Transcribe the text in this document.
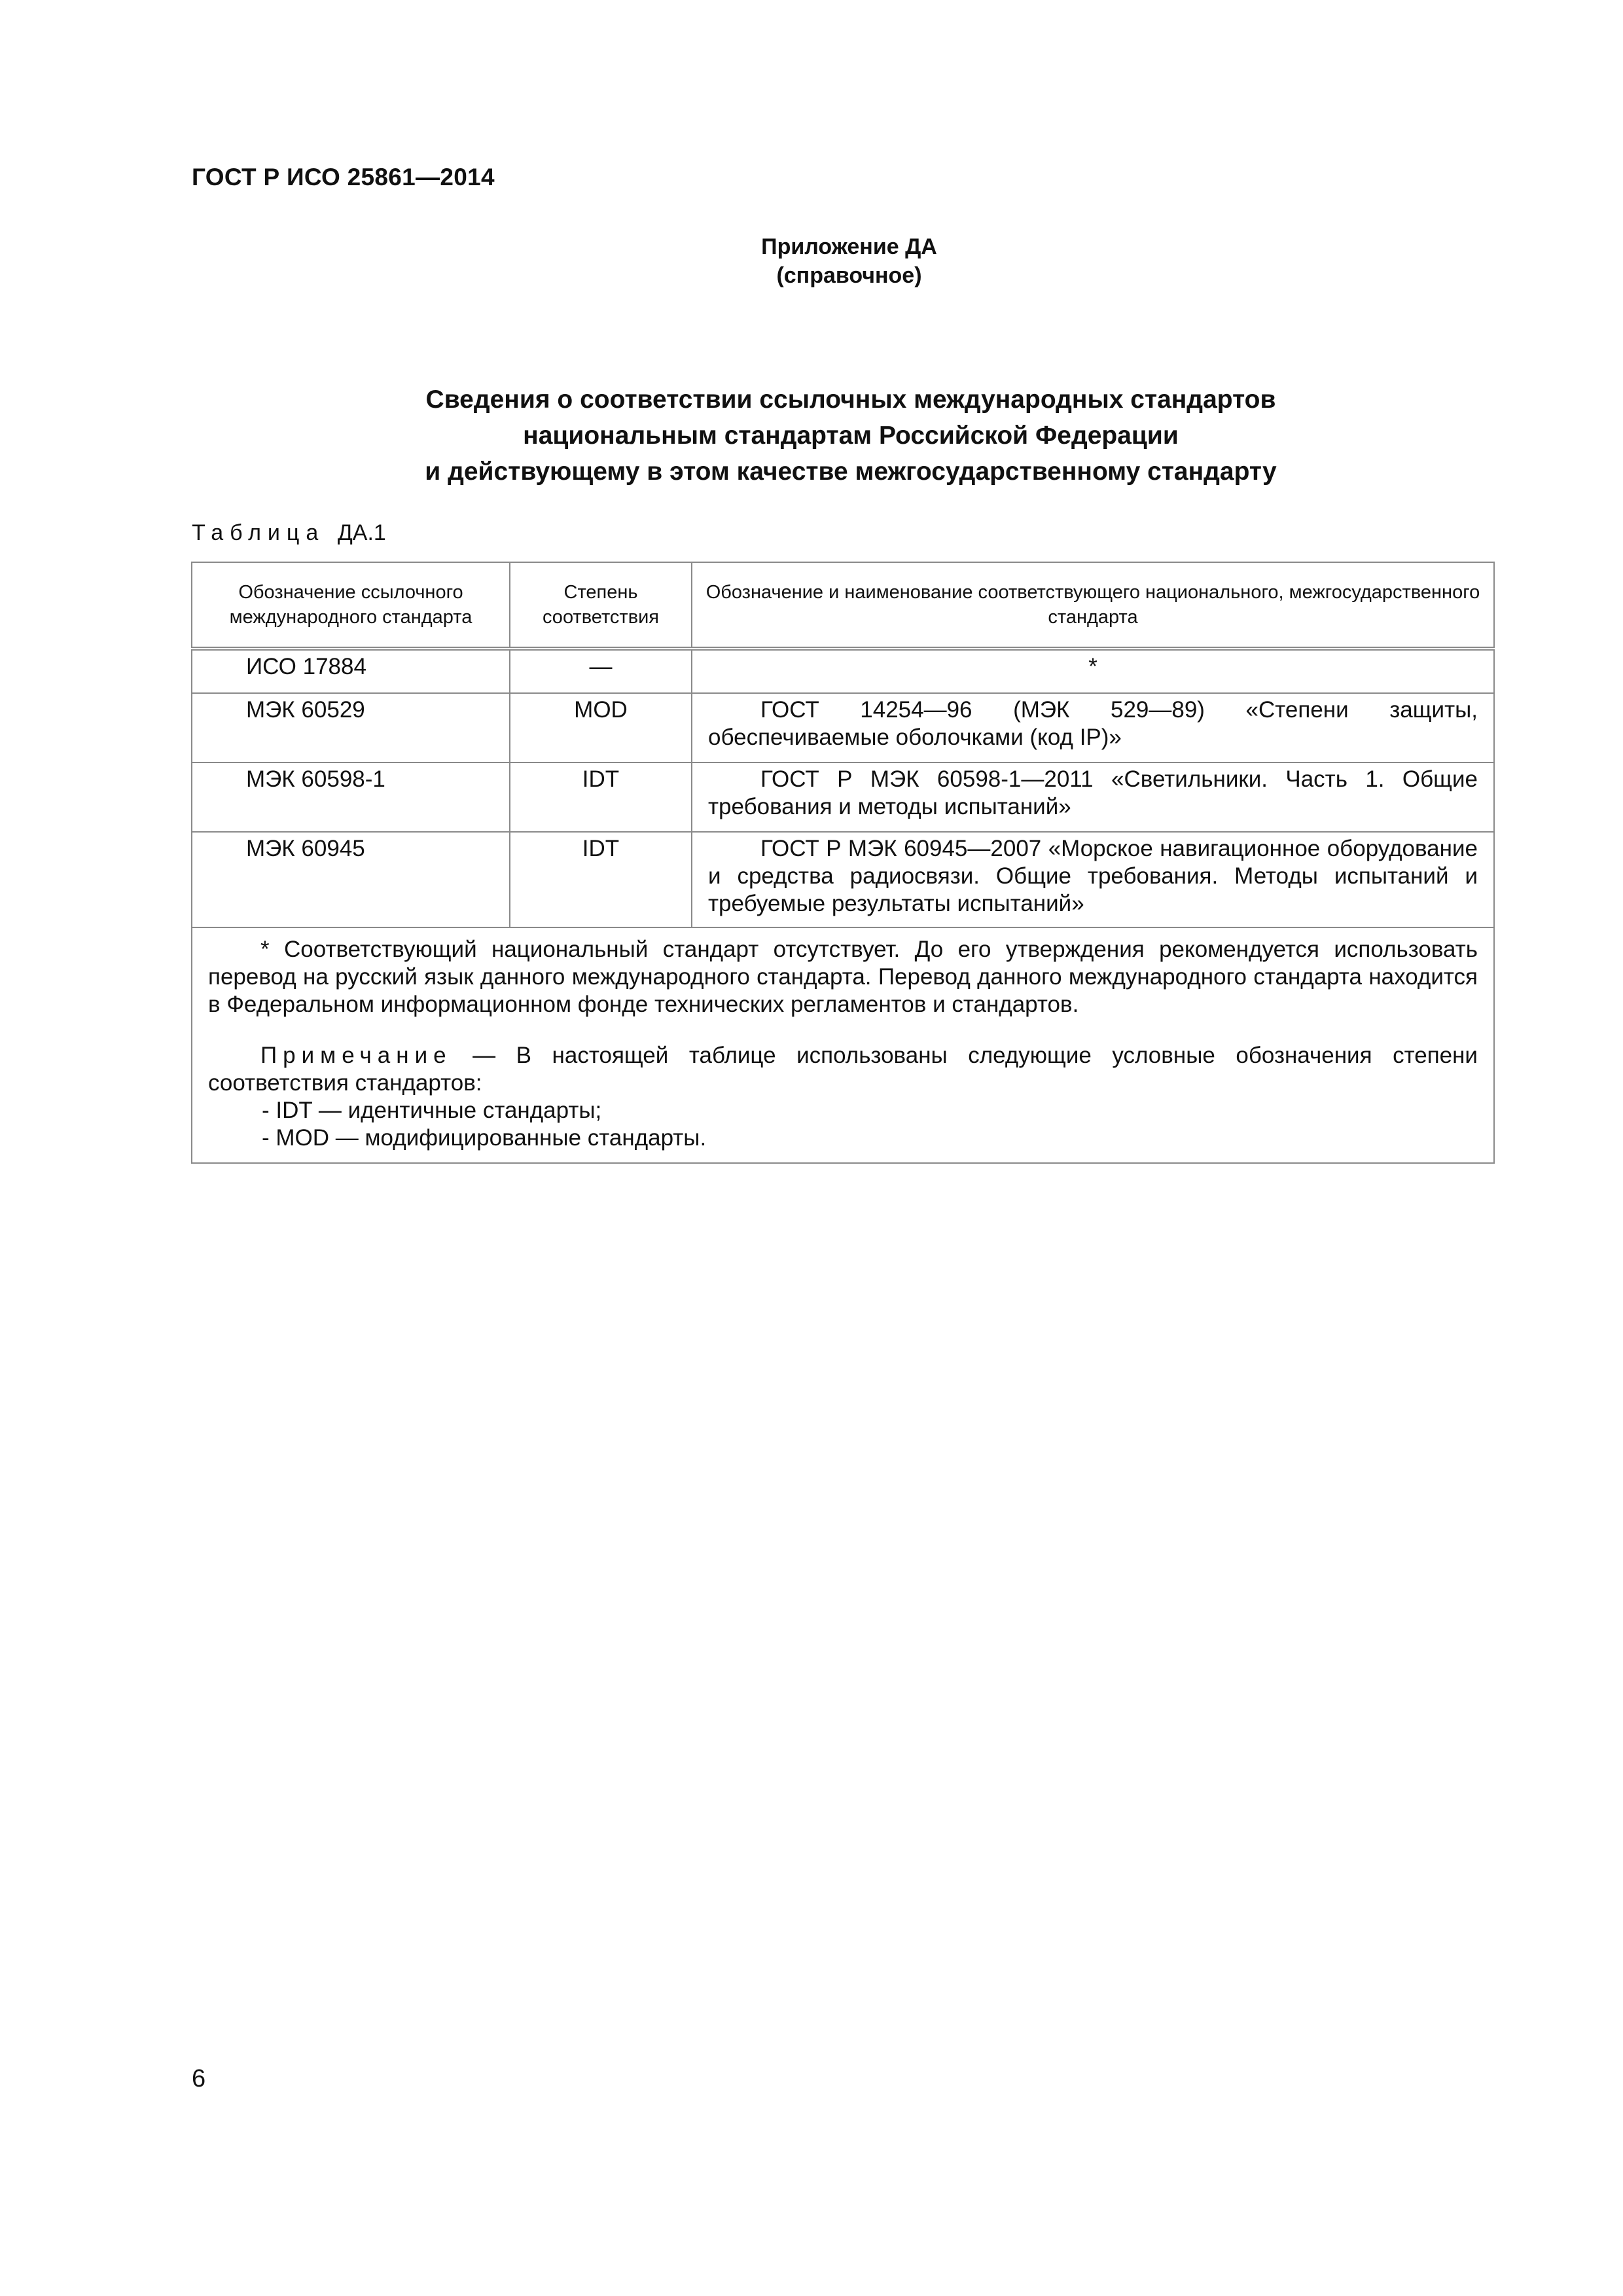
ГОСТ Р ИСО 25861—2014
Приложение ДА
(справочное)
Сведения о соответствии ссылочных международных стандартов
национальным стандартам Российской Федерации
и действующему в этом качестве межгосударственному стандарту
Таблица ДА.1
Обозначение ссылочного международного стандарта	Степень соответствия	Обозначение и наименование соответствующего национального, межгосударственного стандарта
ИСО 17884	—	*
МЭК 60529	MOD	ГОСТ 14254—96 (МЭК 529—89) «Степени защиты, обеспечиваемые оболочками (код IP)»

МЭК 60598-1	IDT	ГОСТ Р МЭК 60598-1—2011 «Светильники. Часть 1. Общие требования и методы испытаний»

МЭК 60945	IDT	ГОСТ Р МЭК 60945—2007 «Морское навигационное оборудование и средства радиосвязи. Общие требования. Методы испытаний и требуемые результаты испытаний»

* Соответствующий национальный стандарт отсутствует. До его утверждения рекомендуется использовать перевод на русский язык данного международного стандарта. Перевод данного международного стандарта находится в Федеральном информационном фонде технических регламентов и стандартов.
Примечание — В настоящей таблице использованы следующие условные обозначения степени соответствия стандартов:
- IDT — идентичные стандарты;
- MOD — модифицированные стандарты.		
6
